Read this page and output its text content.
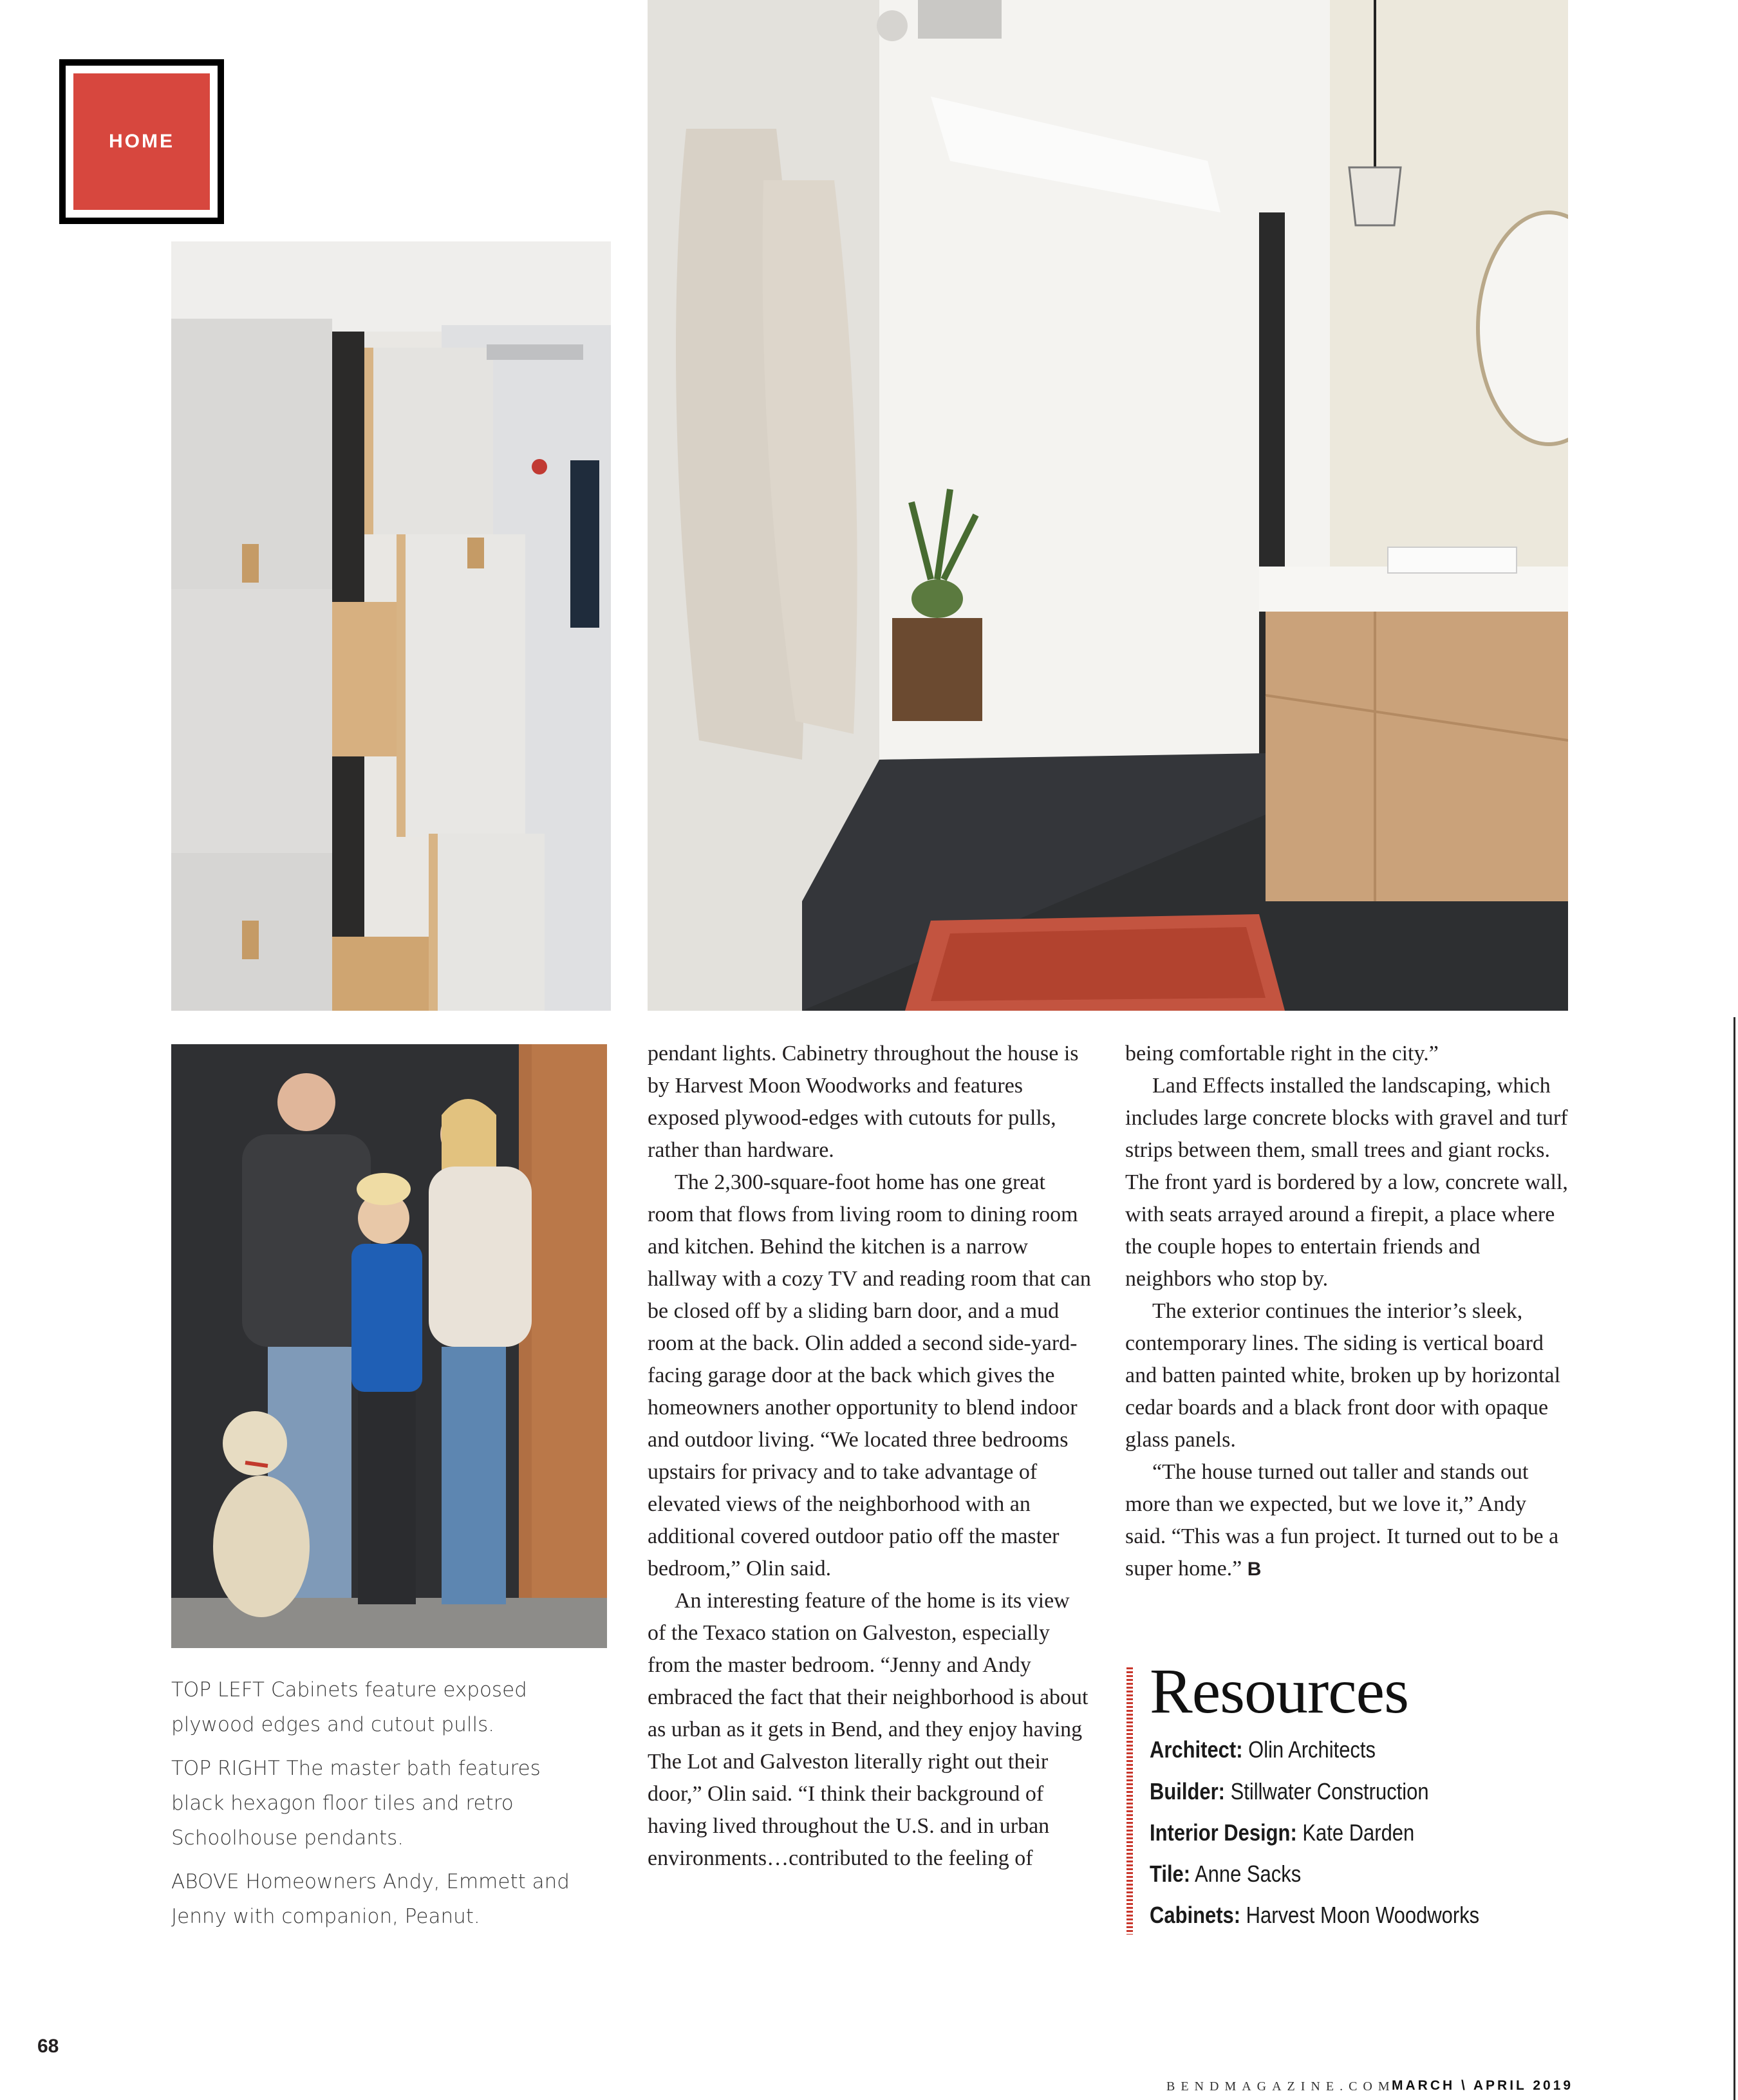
HOME

TOP LEFT Cabinets feature exposed plywood edges and cutout pulls.

TOP RIGHT The master bath features black hexagon floor tiles and retro Schoolhouse pendants.

ABOVE Homeowners Andy, Emmett and Jenny with companion, Peanut.

pendant lights. Cabinetry throughout the house is by Harvest Moon Woodworks and features exposed plywood-edges with cutouts for pulls, rather than hardware.

The 2,300-square-foot home has one great room that flows from living room to dining room and kitchen. Behind the kitchen is a narrow hallway with a cozy TV and reading room that can be closed off by a sliding barn door, and a mud room at the back. Olin added a second side-yard-facing garage door at the back which gives the homeowners another opportunity to blend indoor and outdoor living. “We located three bedrooms upstairs for privacy and to take advantage of elevated views of the neighborhood with an additional covered outdoor patio off the master bedroom,” Olin said.

An interesting feature of the home is its view of the Texaco station on Galveston, especially from the master bedroom. “Jenny and Andy embraced the fact that their neighborhood is about as urban as it gets in Bend, and they enjoy having The Lot and Galveston literally right out their door,” Olin said. “I think their background of having lived throughout the U.S. and in urban environments…contributed to the feeling of

being comfortable right in the city.”

Land Effects installed the landscaping, which includes large concrete blocks with gravel and turf strips between them, small trees and giant rocks. The front yard is bordered by a low, concrete wall, with seats arrayed around a firepit, a place where the couple hopes to entertain friends and neighbors who stop by.

The exterior continues the interior’s sleek, contemporary lines. The siding is vertical board and batten painted white, broken up by horizontal cedar boards and a black front door with opaque glass panels.

“The house turned out taller and stands out more than we expected, but we love it,” Andy said. “This was a fun project. It turned out to be a super home.” B

Resources
Architect: Olin Architects
Builder: Stillwater Construction
Interior Design: Kate Darden
Tile: Anne Sacks
Cabinets: Harvest Moon Woodworks
68
BENDMAGAZINE.COM
MARCH \ APRIL 2019
